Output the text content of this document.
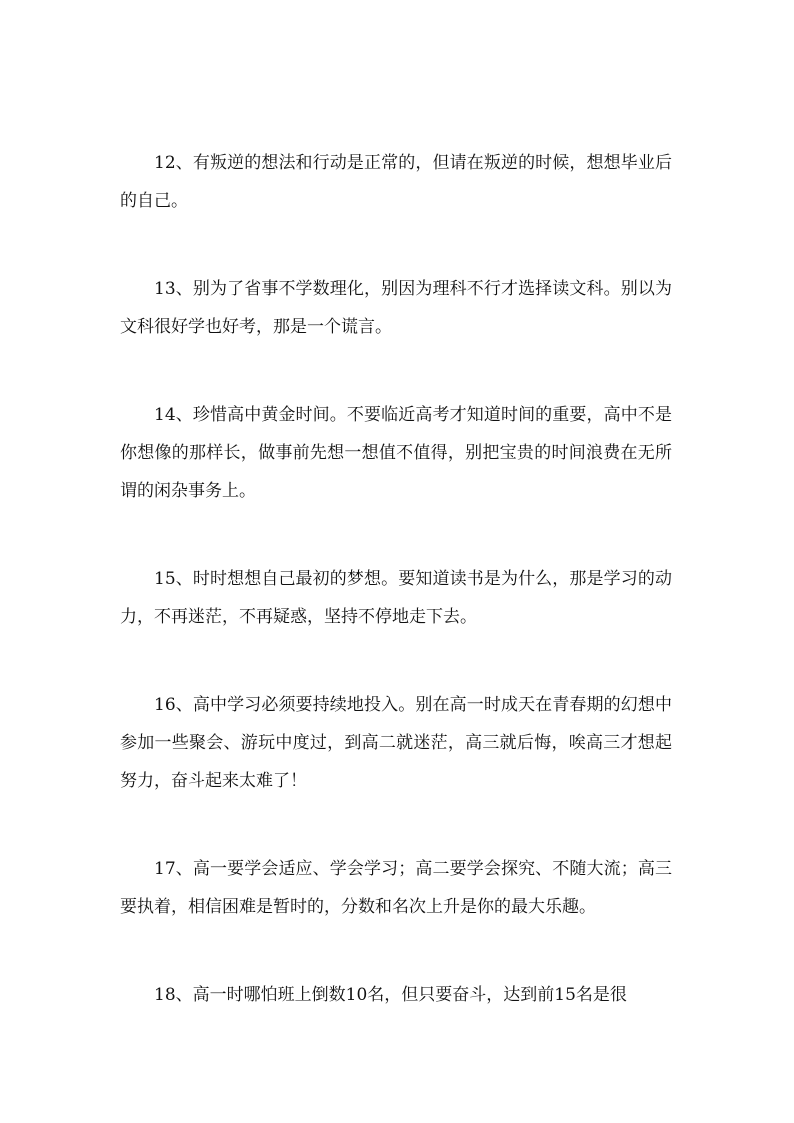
12、有叛逆的想法和行动是正常的，但请在叛逆的时候，想想毕业后的自己。

13、别为了省事不学数理化，别因为理科不行才选择读文科。别以为文科很好学也好考，那是一个谎言。

14、珍惜高中黄金时间。不要临近高考才知道时间的重要，高中不是你想像的那样长，做事前先想一想值不值得，别把宝贵的时间浪费在无所谓的闲杂事务上。

15、时时想想自己最初的梦想。要知道读书是为什么，那是学习的动力，不再迷茫，不再疑惑，坚持不停地走下去。

16、高中学习必须要持续地投入。别在高一时成天在青春期的幻想中参加一些聚会、游玩中度过，到高二就迷茫，高三就后悔，唉高三才想起努力，奋斗起来太难了！

17、高一要学会适应、学会学习；高二要学会探究、不随大流；高三要执着，相信困难是暂时的，分数和名次上升是你的最大乐趣。

18、高一时哪怕班上倒数10名，但只要奋斗，达到前15名是很
